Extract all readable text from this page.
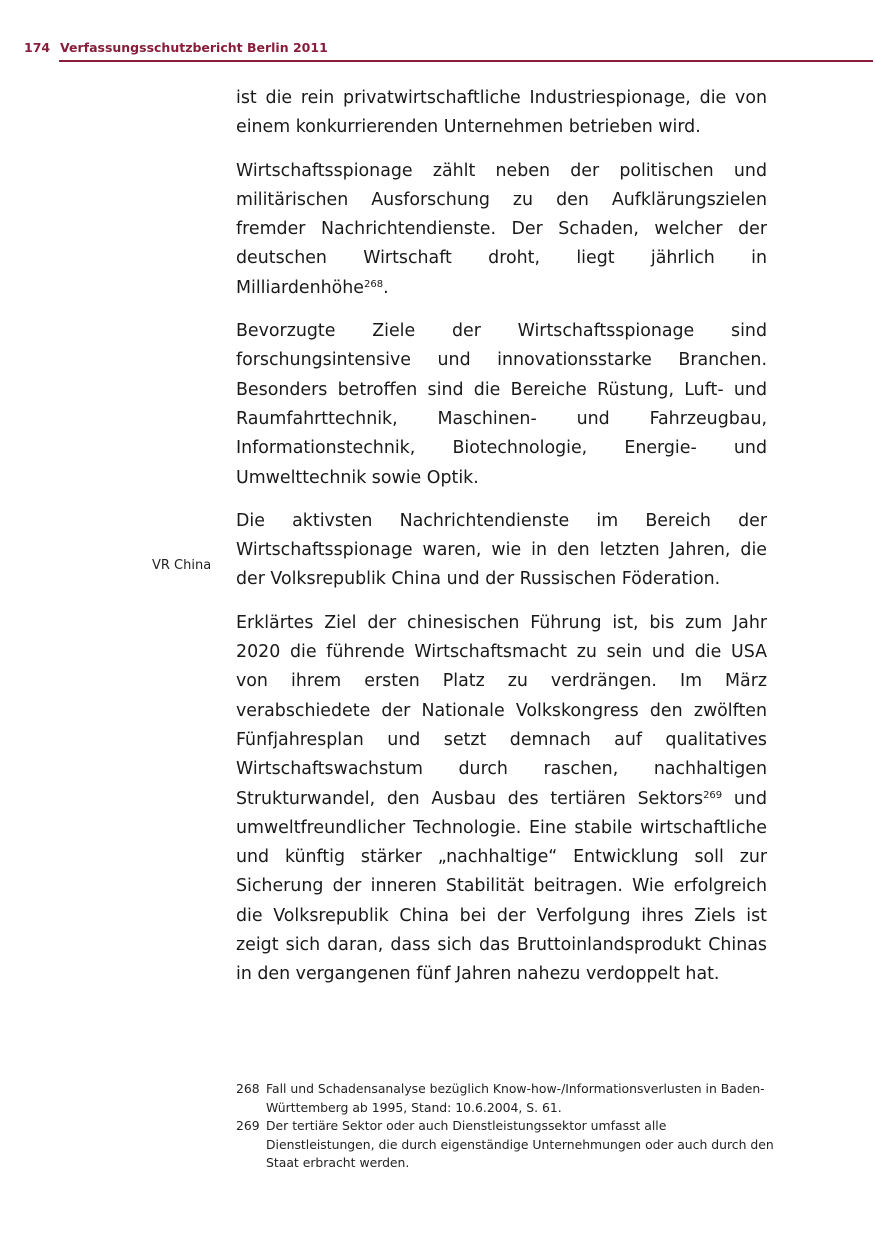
174 Verfassungsschutzbericht Berlin 2011
VR China

ist die rein privatwirtschaftliche Industriespionage, die von einem konkurrierenden Unternehmen betrieben wird.

Wirtschaftsspionage zählt neben der politischen und militärischen Ausforschung zu den Aufklärungszielen fremder Nachrichtendienste. Der Schaden, welcher der deutschen Wirtschaft droht, liegt jährlich in Milliardenhöhe$^{268}$.

Bevorzugte Ziele der Wirtschaftsspionage sind forschungsintensive und innovationsstarke Branchen. Besonders betroffen sind die Bereiche Rüstung, Luft- und Raumfahrttechnik, Maschinen- und Fahrzeugbau, Informationstechnik, Biotechnologie, Energie- und Umwelttechnik sowie Optik.

Die aktivsten Nachrichtendienste im Bereich der Wirtschaftsspionage waren, wie in den letzten Jahren, die der Volksrepublik China und der Russischen Föderation.

Erklärtes Ziel der chinesischen Führung ist, bis zum Jahr 2020 die führende Wirtschaftsmacht zu sein und die USA von ihrem ersten Platz zu verdrängen. Im März verabschiedete der Nationale Volkskongress den zwölften Fünfjahresplan und setzt demnach auf qualitatives Wirtschaftswachstum durch raschen, nachhaltigen Strukturwandel, den Ausbau des tertiären Sektors$^{269}$ und umweltfreundlicher Technologie. Eine stabile wirtschaftliche und künftig stärker „nachhaltige“ Entwicklung soll zur Sicherung der inneren Stabilität beitragen. Wie erfolgreich die Volksrepublik China bei der Verfolgung ihres Ziels ist zeigt sich daran, dass sich das Bruttoinlandsprodukt Chinas in den vergangenen fünf Jahren nahezu verdoppelt hat.

268 Fall und Schadensanalyse bezüglich Know-how-/Informationsverlusten in Baden-Württemberg ab 1995, Stand: 10.6.2004, S. 61.
269 Der tertiäre Sektor oder auch Dienstleistungssektor umfasst alle Dienstleistungen, die durch eigenständige Unternehmungen oder auch durch den Staat erbracht werden.
